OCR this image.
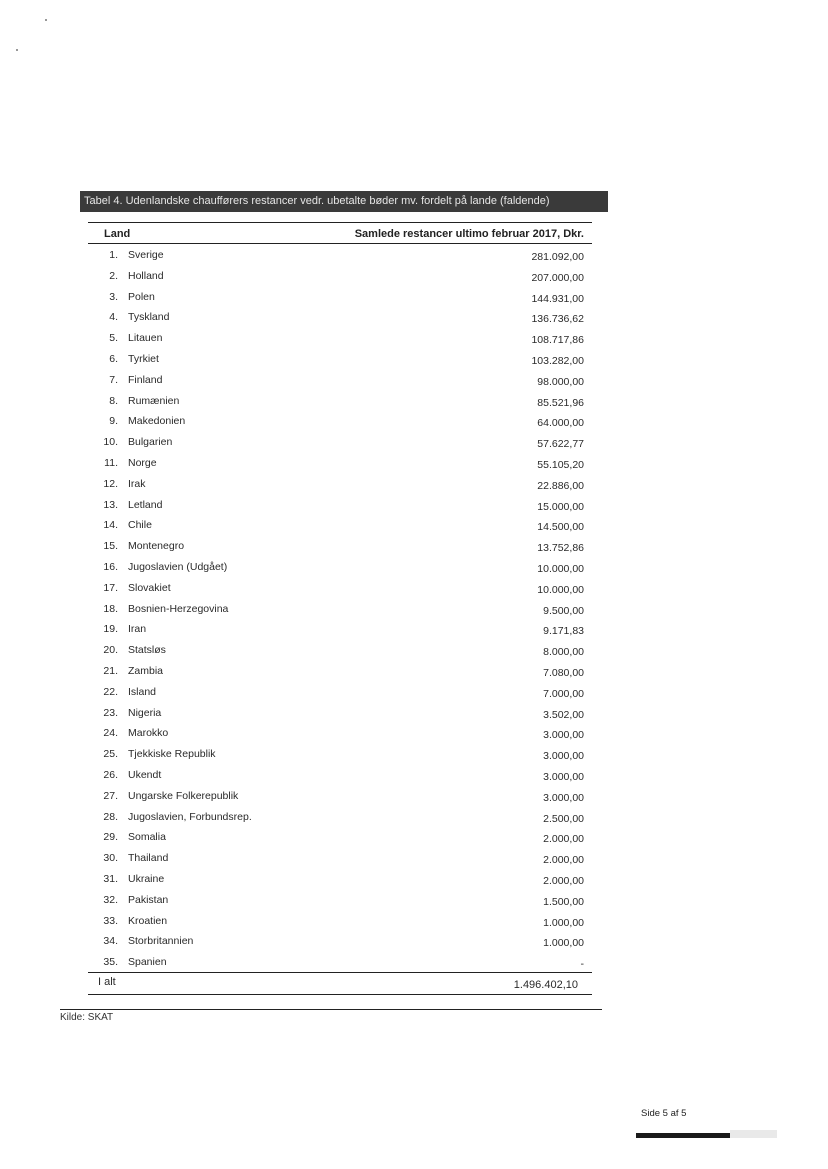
Tabel 4. Udenlandske chaufførers restancer vedr. ubetalte bøder mv. fordelt på lande (faldende)
Land	Samlede restancer ultimo februar 2017, Dkr.
1. Sverige	281.092,00
2. Holland	207.000,00
3. Polen	144.931,00
4. Tyskland	136.736,62
5. Litauen	108.717,86
6. Tyrkiet	103.282,00
7. Finland	98.000,00
8. Rumænien	85.521,96
9. Makedonien	64.000,00
10. Bulgarien	57.622,77
11. Norge	55.105,20
12. Irak	22.886,00
13. Letland	15.000,00
14. Chile	14.500,00
15. Montenegro	13.752,86
16. Jugoslavien (Udgået)	10.000,00
17. Slovakiet	10.000,00
18. Bosnien-Herzegovina	9.500,00
19. Iran	9.171,83
20. Statsløs	8.000,00
21. Zambia	7.080,00
22. Island	7.000,00
23. Nigeria	3.502,00
24. Marokko	3.000,00
25. Tjekkiske Republik	3.000,00
26. Ukendt	3.000,00
27. Ungarske Folkerepublik	3.000,00
28. Jugoslavien, Forbundsrep.	2.500,00
29. Somalia	2.000,00
30. Thailand	2.000,00
31. Ukraine	2.000,00
32. Pakistan	1.500,00
33. Kroatien	1.000,00
34. Storbritannien	1.000,00
35. Spanien	-
I alt	1.496.402,10
Kilde: SKAT
Side 5 af 5
